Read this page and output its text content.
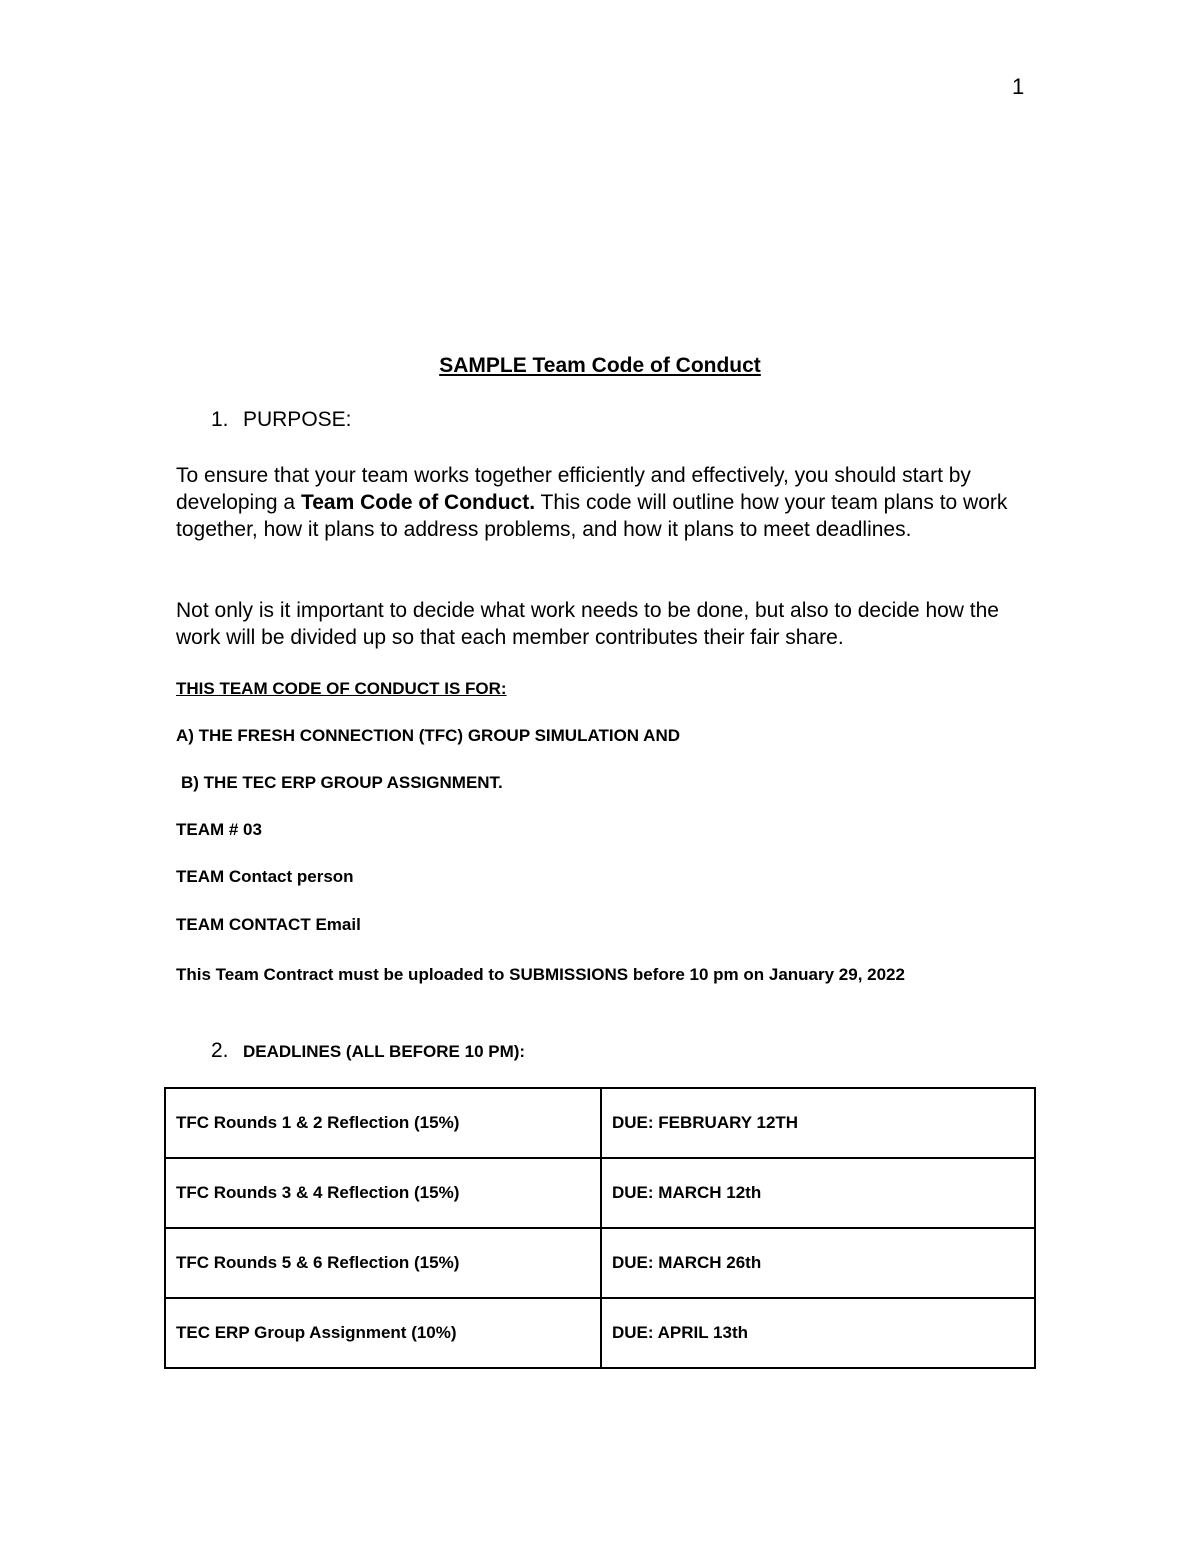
1
SAMPLE Team Code of Conduct
1. PURPOSE:
To ensure that your team works together efficiently and effectively, you should start by developing a Team Code of Conduct. This code will outline how your team plans to work together, how it plans to address problems, and how it plans to meet deadlines.
Not only is it important to decide what work needs to be done, but also to decide how the work will be divided up so that each member contributes their fair share.
THIS TEAM CODE OF CONDUCT IS FOR:
A) THE FRESH CONNECTION (TFC) GROUP SIMULATION AND
B) THE TEC ERP GROUP ASSIGNMENT.
TEAM # 03
TEAM Contact person
TEAM CONTACT Email
This Team Contract must be uploaded to SUBMISSIONS before 10 pm on January 29, 2022
2. DEADLINES (ALL BEFORE 10 PM):
TFC Rounds 1 & 2 Reflection (15%)	DUE: FEBRUARY 12TH
TFC Rounds 3 & 4 Reflection (15%)	DUE: MARCH 12th
TFC Rounds 5 & 6 Reflection (15%)	DUE: MARCH 26th
TEC ERP Group Assignment (10%)	DUE: APRIL 13th
